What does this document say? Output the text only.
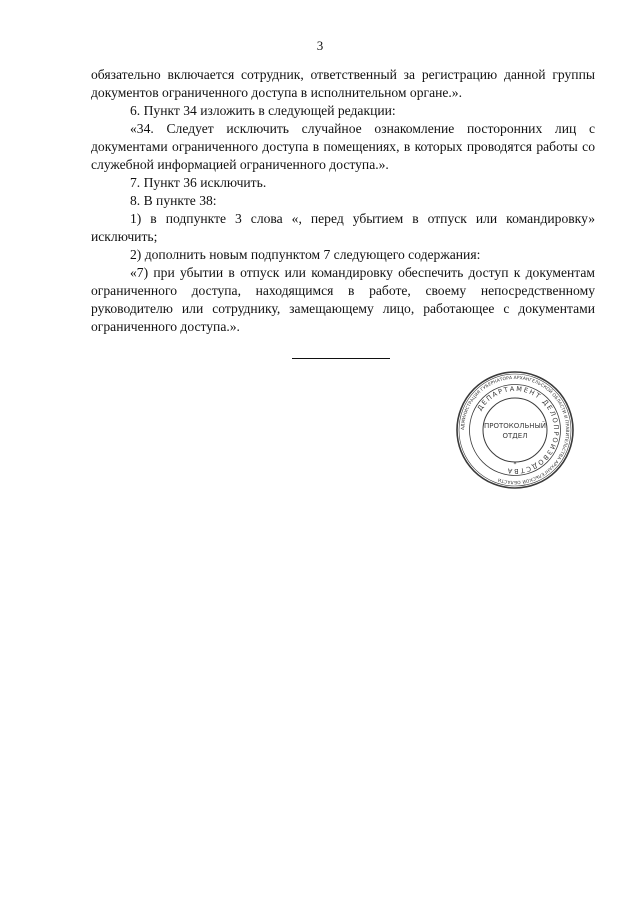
3

обязательно включается сотрудник, ответственный за регистрацию данной группы документов ограниченного доступа в исполнительном органе.».

6. Пункт 34 изложить в следующей редакции:

«34. Следует исключить случайное ознакомление посторонних лиц с документами ограниченного доступа в помещениях, в которых проводятся работы со служебной информацией ограниченного доступа.».

7. Пункт 36 исключить.

8. В пункте 38:

1) в подпункте 3 слова «, перед убытием в отпуск или командировку» исключить;

2) дополнить новым подпунктом 7 следующего содержания:

«7) при убытии в отпуск или командировку обеспечить доступ к документам ограниченного доступа, находящимся в работе, своему непосредственному руководителю или сотруднику, замещающему лицо, работающее с документами ограниченного доступа.».

АДМИНИСТРАЦИЯ ГУБЕРНАТОРА АРХАНГЕЛЬСКОЙ ОБЛАСТИ И ПРАВИТЕЛЬСТВА АРХАНГЕЛЬСКОЙ ОБЛАСТИ
ДЕПАРТАМЕНТ ДЕЛОПРОИЗВОДСТВА
ПРОТОКОЛЬНЫЙ
ОТДЕЛ
*
